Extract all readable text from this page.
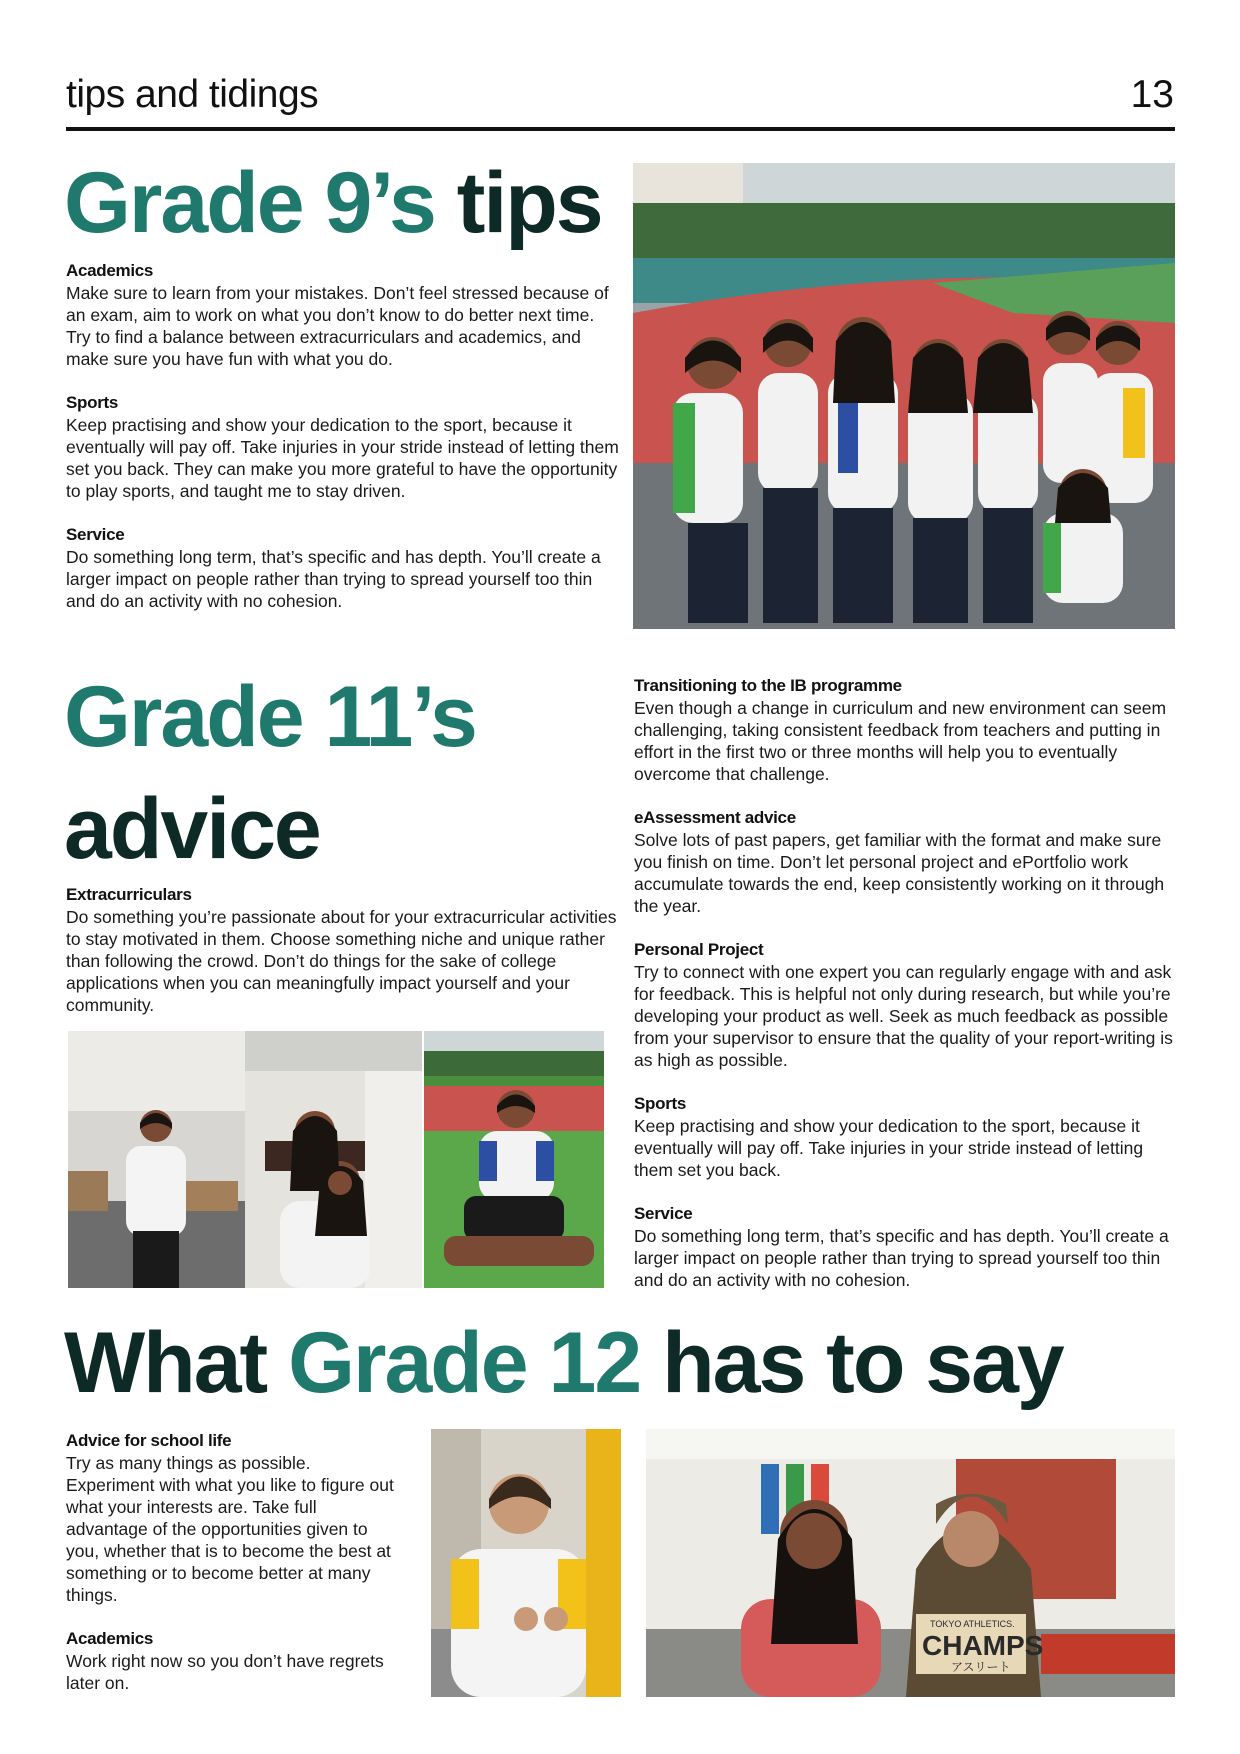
tips and tidings	13
Grade 9’s tips
Academics

Make sure to learn from your mistakes. Don’t feel stressed because of an exam, aim to work on what you don’t know to do better next time. Try to find a balance between extracurriculars and academics, and make sure you have fun with what you do.

Sports

Keep practising and show your dedication to the sport, because it eventually will pay off. Take injuries in your stride instead of letting them set you back. They can make you more grateful to have the opportunity to play sports, and taught me to stay driven.

Service

Do something long term, that’s specific and has depth. You’ll create a larger impact on people rather than trying to spread yourself too thin and do an activity with no cohesion.

Grade 11’s
advice
Extracurriculars

Do something you’re passionate about for your extracurricular activities to stay motivated in them. Choose something niche and unique rather than following the crowd. Don’t do things for the sake of college applications when you can meaningfully impact yourself and your community.

Transitioning to the IB programme

Even though a change in curriculum and new environment can seem challenging, taking consistent feedback from teachers and putting in effort in the first two or three months will help you to eventually overcome that challenge.

eAssessment advice

Solve lots of past papers, get familiar with the format and make sure you finish on time. Don’t let personal project and ePortfolio work accumulate towards the end, keep consistently working on it through the year.

Personal Project

Try to connect with one expert you can regularly engage with and ask for feedback. This is helpful not only during research, but while you’re developing your product as well. Seek as much feedback as possible from your supervisor to ensure that the quality of your report-writing is as high as possible.

Sports

Keep practising and show your dedication to the sport, because it eventually will pay off. Take injuries in your stride instead of letting them set you back.

Service

Do something long term, that’s specific and has depth. You’ll create a larger impact on people rather than trying to spread yourself too thin and do an activity with no cohesion.

What Grade 12 has to say
Advice for school life

Try as many things as possible. Experiment with what you like to figure out what your interests are. Take full advantage of the opportunities given to you, whether that is to become the best at something or to become better at many things.

Academics

Work right now so you don’t have regrets later on.

TOKYO ATHLETICS.
CHAMPS
アスリート
